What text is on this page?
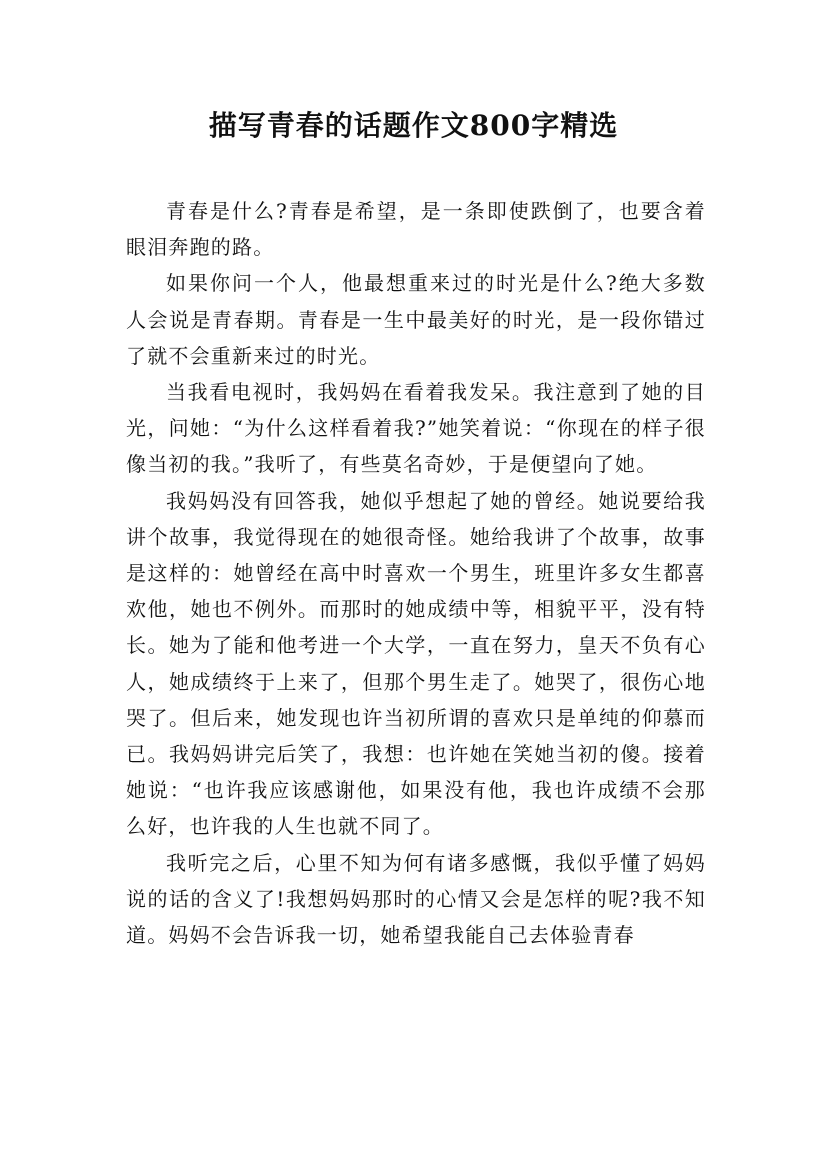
描写青春的话题作文800字精选

青春是什么?青春是希望，是一条即使跌倒了，也要含着眼泪奔跑的路。

如果你问一个人，他最想重来过的时光是什么?绝大多数人会说是青春期。青春是一生中最美好的时光，是一段你错过了就不会重新来过的时光。

当我看电视时，我妈妈在看着我发呆。我注意到了她的目光，问她：“为什么这样看着我?”她笑着说：“你现在的样子很像当初的我。”我听了，有些莫名奇妙，于是便望向了她。

我妈妈没有回答我，她似乎想起了她的曾经。她说要给我讲个故事，我觉得现在的她很奇怪。她给我讲了个故事，故事是这样的：她曾经在高中时喜欢一个男生，班里许多女生都喜欢他，她也不例外。而那时的她成绩中等，相貌平平，没有特长。她为了能和他考进一个大学，一直在努力，皇天不负有心人，她成绩终于上来了，但那个男生走了。她哭了，很伤心地哭了。但后来，她发现也许当初所谓的喜欢只是单纯的仰慕而已。我妈妈讲完后笑了，我想：也许她在笑她当初的傻。接着她说：“也许我应该感谢他，如果没有他，我也许成绩不会那么好，也许我的人生也就不同了。

我听完之后，心里不知为何有诸多感慨，我似乎懂了妈妈说的话的含义了!我想妈妈那时的心情又会是怎样的呢?我不知道。妈妈不会告诉我一切，她希望我能自己去体验青春
